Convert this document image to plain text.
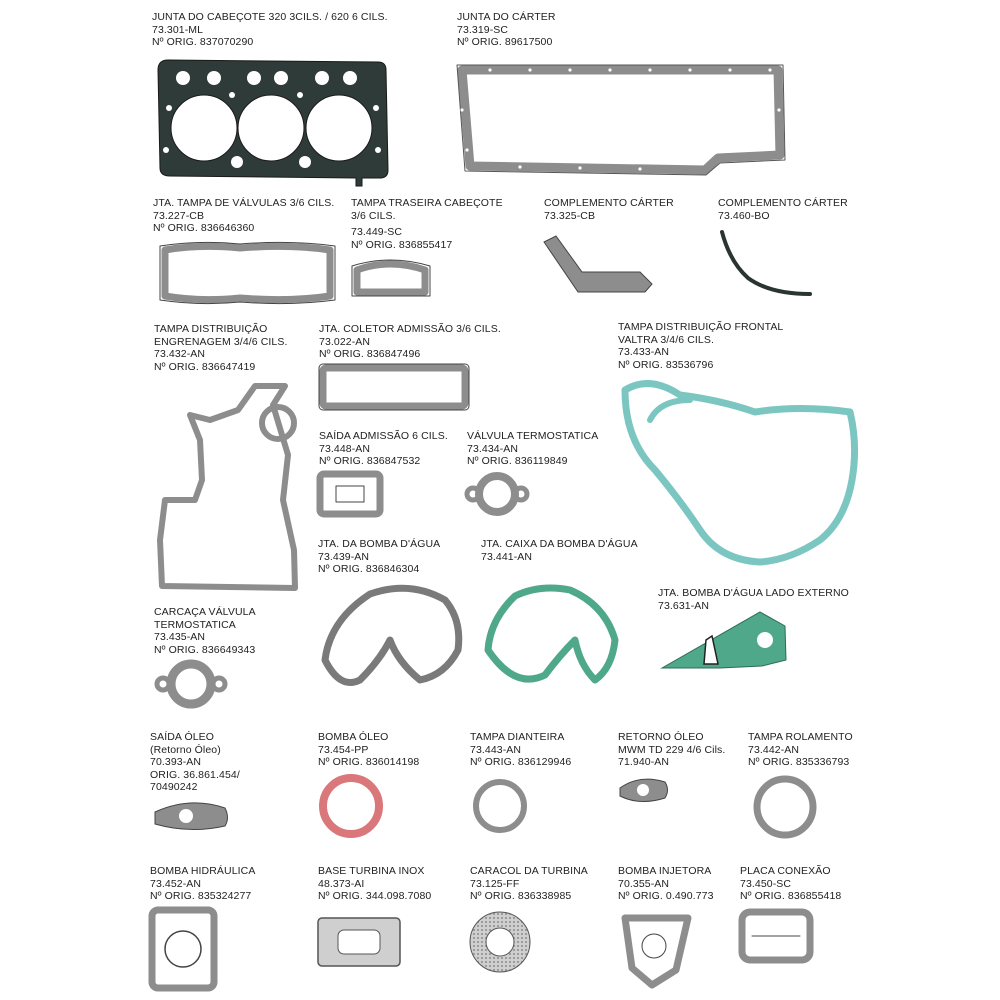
JUNTA DO CABEÇOTE 320 3CILS. / 620 6 CILS.
73.301-ML
Nº ORIG. 837070290
JUNTA DO CÁRTER
73.319-SC
Nº ORIG. 89617500
JTA. TAMPA DE VÁLVULAS 3/6 CILS.
73.227-CB
Nº ORIG. 836646360
TAMPA TRASEIRA CABEÇOTE
3/6 CILS.
73.449-SC
Nº ORIG. 836855417
COMPLEMENTO CÁRTER
73.325-CB
COMPLEMENTO CÁRTER
73.460-BO
TAMPA DISTRIBUIÇÃO
ENGRENAGEM 3/4/6 CILS.
73.432-AN
Nº ORIG. 836647419
JTA. COLETOR ADMISSÃO 3/6 CILS.
73.022-AN
Nº ORIG. 836847496
TAMPA DISTRIBUIÇÃO FRONTAL
VALTRA 3/4/6 CILS.
73.433-AN
Nº ORIG. 83536796
SAÍDA ADMISSÃO 6 CILS.
73.448-AN
Nº ORIG. 836847532
VÁLVULA TERMOSTATICA
73.434-AN
Nº ORIG. 836119849
JTA. DA BOMBA D'ÁGUA
73.439-AN
Nº ORIG. 836846304
JTA. CAIXA DA BOMBA D'ÁGUA
73.441-AN
JTA. BOMBA D'ÁGUA LADO EXTERNO
73.631-AN
CARCAÇA VÁLVULA
TERMOSTATICA
73.435-AN
Nº ORIG. 836649343
SAÍDA ÓLEO
(Retorno Óleo)
70.393-AN
ORIG. 36.861.454/
70490242
BOMBA ÓLEO
73.454-PP
Nº ORIG. 836014198
TAMPA DIANTEIRA
73.443-AN
Nº ORIG. 836129946
RETORNO ÓLEO
MWM TD 229 4/6 Cils.
71.940-AN
TAMPA ROLAMENTO
73.442-AN
Nº ORIG. 835336793
BOMBA HIDRÁULICA
73.452-AN
Nº ORIG. 835324277
BASE TURBINA INOX
48.373-AI
Nº ORIG. 344.098.7080
CARACOL DA TURBINA
73.125-FF
Nº ORIG. 836338985
BOMBA INJETORA
70.355-AN
Nº ORIG. 0.490.773
PLACA CONEXÃO
73.450-SC
Nº ORIG. 836855418
